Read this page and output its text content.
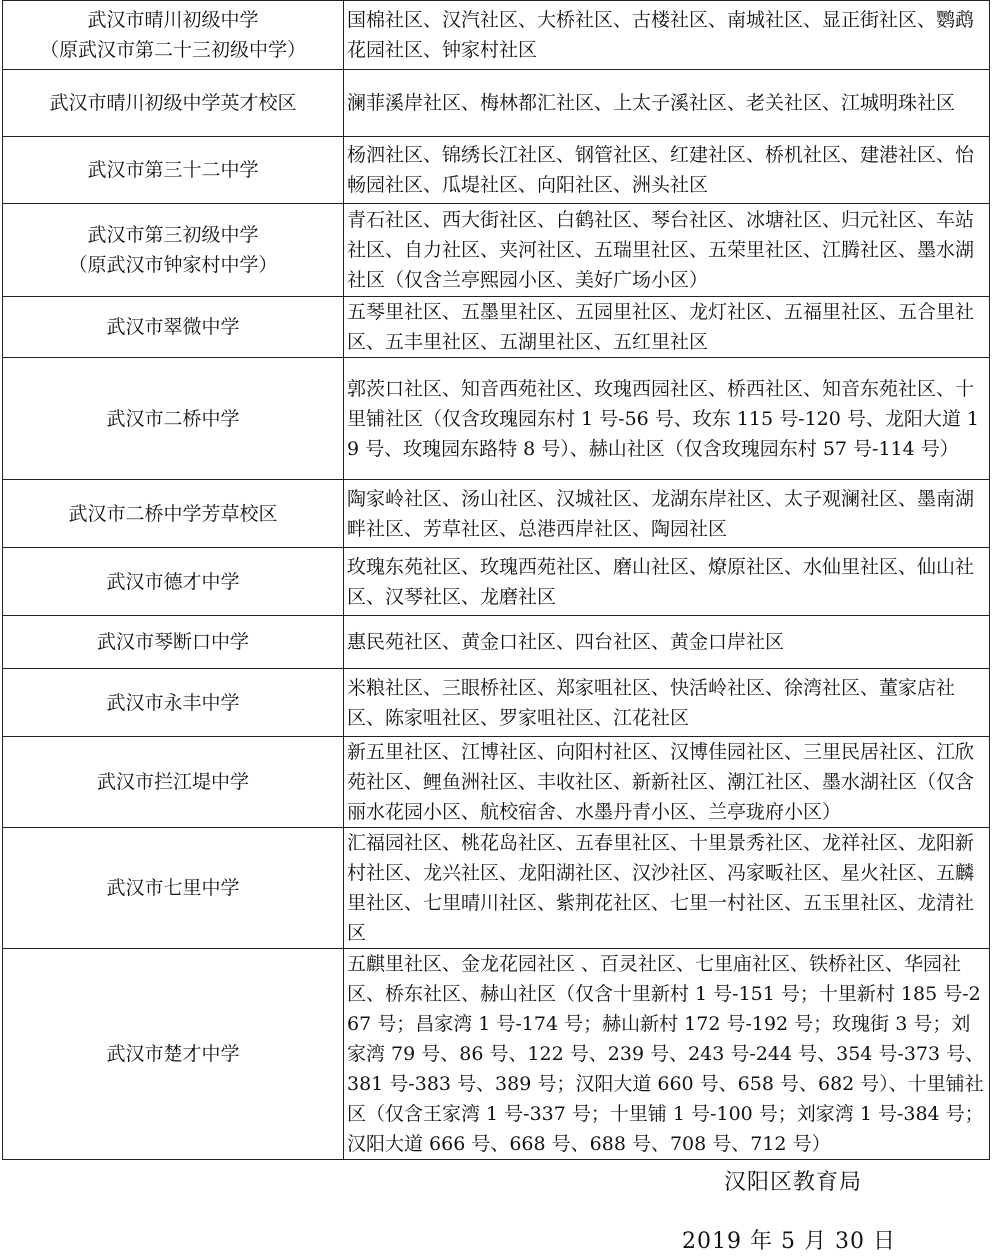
武汉市晴川初级中学
（原武汉市第二十三初级中学）	国棉社区、汉汽社区、大桥社区、古楼社区、南城社区、显正街社区、鹦鹉花园社区、钟家村社区

武汉市晴川初级中学英才校区	澜菲溪岸社区、梅林都汇社区、上太子溪社区、老关社区、江城明珠社区

武汉市第三十二中学	杨泗社区、锦绣长江社区、钢管社区、红建社区、桥机社区、建港社区、怡畅园社区、瓜堤社区、向阳社区、洲头社区

武汉市第三初级中学
（原武汉市钟家村中学）	青石社区、西大街社区、白鹤社区、琴台社区、冰塘社区、归元社区、车站社区、自力社区、夹河社区、五瑞里社区、五荣里社区、江腾社区、墨水湖社区（仅含兰亭熙园小区、美好广场小区）

武汉市翠微中学	五琴里社区、五墨里社区、五园里社区、龙灯社区、五福里社区、五合里社区、五丰里社区、五湖里社区、五红里社区

武汉市二桥中学	郭茨口社区、知音西苑社区、玫瑰西园社区、桥西社区、知音东苑社区、十里铺社区（仅含玫瑰园东村 1 号-56 号、玫东 115 号-120 号、龙阳大道 19 号、玫瑰园东路特 8 号）、赫山社区（仅含玫瑰园东村 57 号-114 号）

武汉市二桥中学芳草校区	陶家岭社区、汤山社区、汉城社区、龙湖东岸社区、太子观澜社区、墨南湖畔社区、芳草社区、总港西岸社区、陶园社区

武汉市德才中学	玫瑰东苑社区、玫瑰西苑社区、磨山社区、燎原社区、水仙里社区、仙山社区、汉琴社区、龙磨社区

武汉市琴断口中学	惠民苑社区、黄金口社区、四台社区、黄金口岸社区

武汉市永丰中学	米粮社区、三眼桥社区、郑家咀社区、快活岭社区、徐湾社区、董家店社区、陈家咀社区、罗家咀社区、江花社区

武汉市拦江堤中学	新五里社区、江博社区、向阳村社区、汉博佳园社区、三里民居社区、江欣苑社区、鲤鱼洲社区、丰收社区、新新社区、潮江社区、墨水湖社区（仅含丽水花园小区、航校宿舍、水墨丹青小区、兰亭珑府小区）

武汉市七里中学	汇福园社区、桃花岛社区、五春里社区、十里景秀社区、龙祥社区、龙阳新村社区、龙兴社区、龙阳湖社区、汉沙社区、冯家畈社区、星火社区、五麟里社区、七里晴川社区、紫荆花社区、七里一村社区、五玉里社区、龙清社区

武汉市楚才中学	五麒里社区、金龙花园社区 、百灵社区、七里庙社区、铁桥社区、华园社区、桥东社区、赫山社区（仅含十里新村 1 号-151 号；十里新村 185 号-267 号；昌家湾 1 号-174 号；赫山新村 172 号-192 号；玫瑰街 3 号；刘家湾 79 号、86 号、122 号、239 号、243 号-244 号、354 号-373 号、381 号-383 号、389 号；汉阳大道 660 号、658 号、682 号）、十里铺社区（仅含王家湾 1 号-337 号；十里铺 1 号-100 号；刘家湾 1 号-384 号；汉阳大道 666 号、668 号、688 号、708 号、712 号）
汉阳区教育局
2019 年 5 月 30 日
